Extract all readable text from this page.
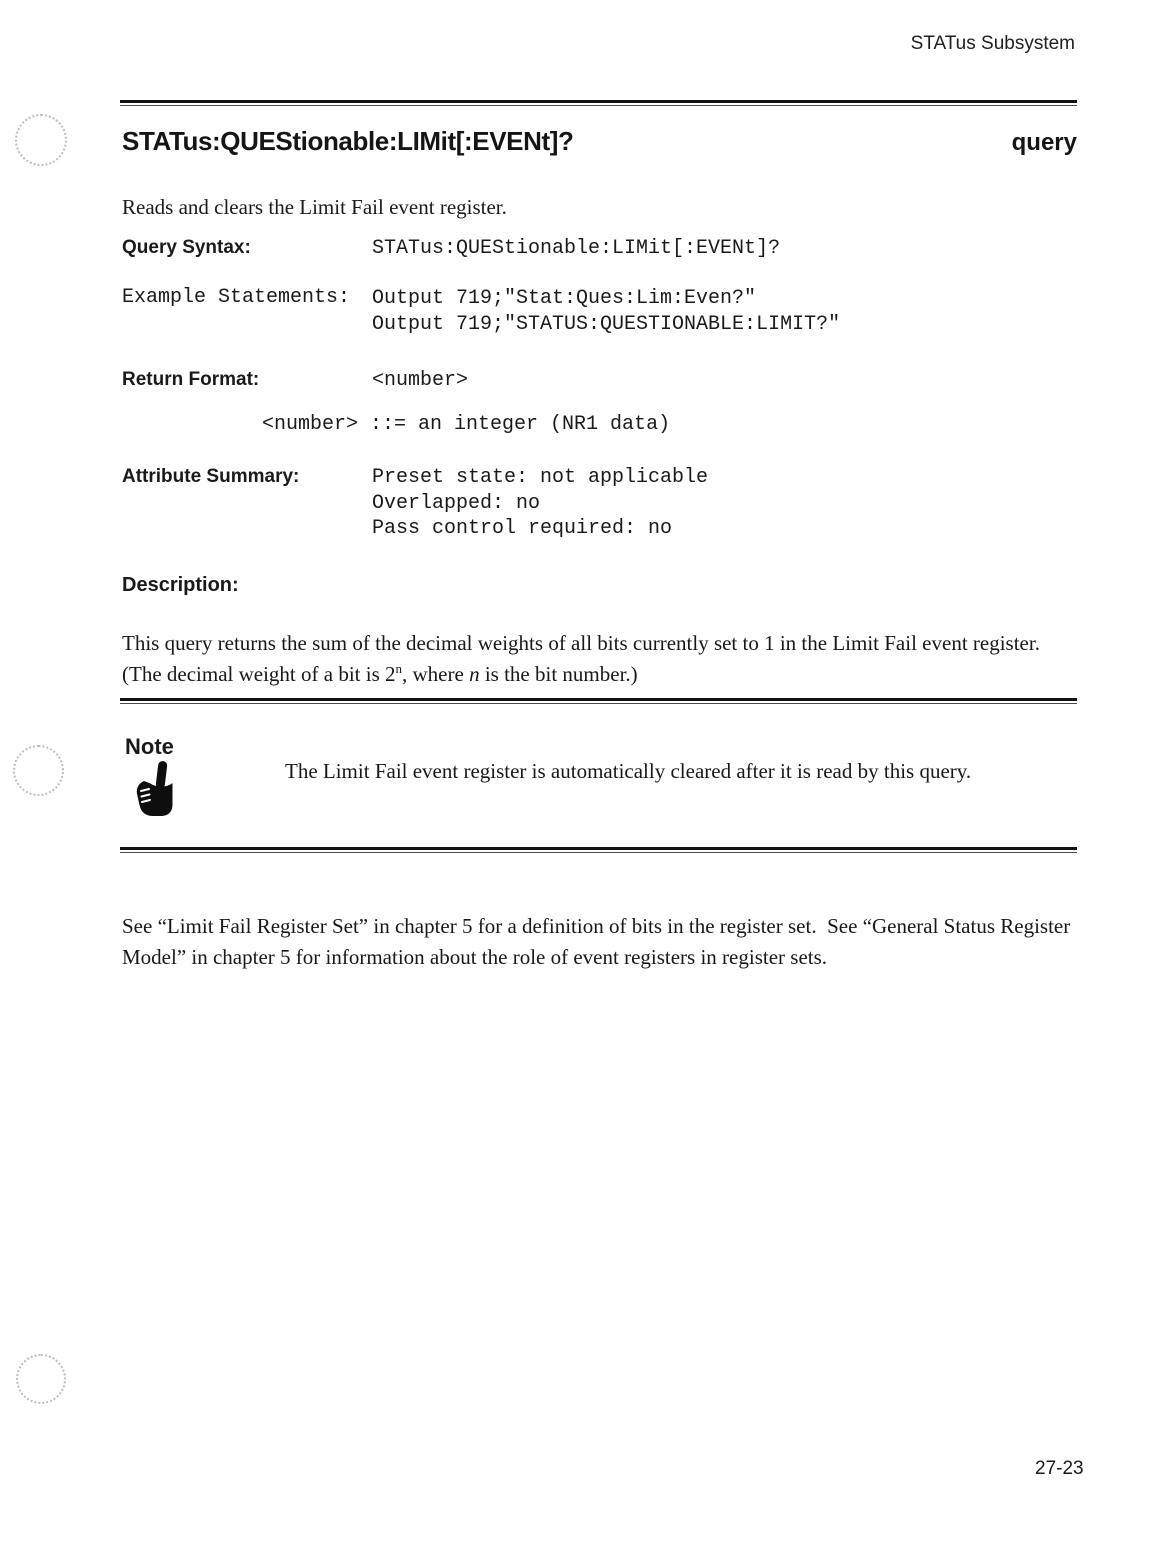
STATus Subsystem
STATus:QUEStionable:LIMit[:EVENt]?	query

Reads and clears the Limit Fail event register.

Query Syntax:	STATus:QUEStionable:LIMit[:EVENt]?
Example Statements: Output 719;"Stat:Ques:Lim:Even?"
Output 719;"STATUS:QUESTIONABLE:LIMIT?"
Return Format:	<number>
<number> ::= an integer (NR1 data)
Attribute Summary:	Preset state: not applicable
Overlapped: no
Pass control required: no
Description:

This query returns the sum of the decimal weights of all bits currently set to 1 in the Limit Fail event register.  (The decimal weight of a bit is 2$^n$, where n is the bit number.)

Note

The Limit Fail event register is automatically cleared after it is read by this query.

See “Limit Fail Register Set” in chapter 5 for a definition of bits in the register set.  See “General Status Register Model” in chapter 5 for information about the role of event registers in register sets.

27-23
